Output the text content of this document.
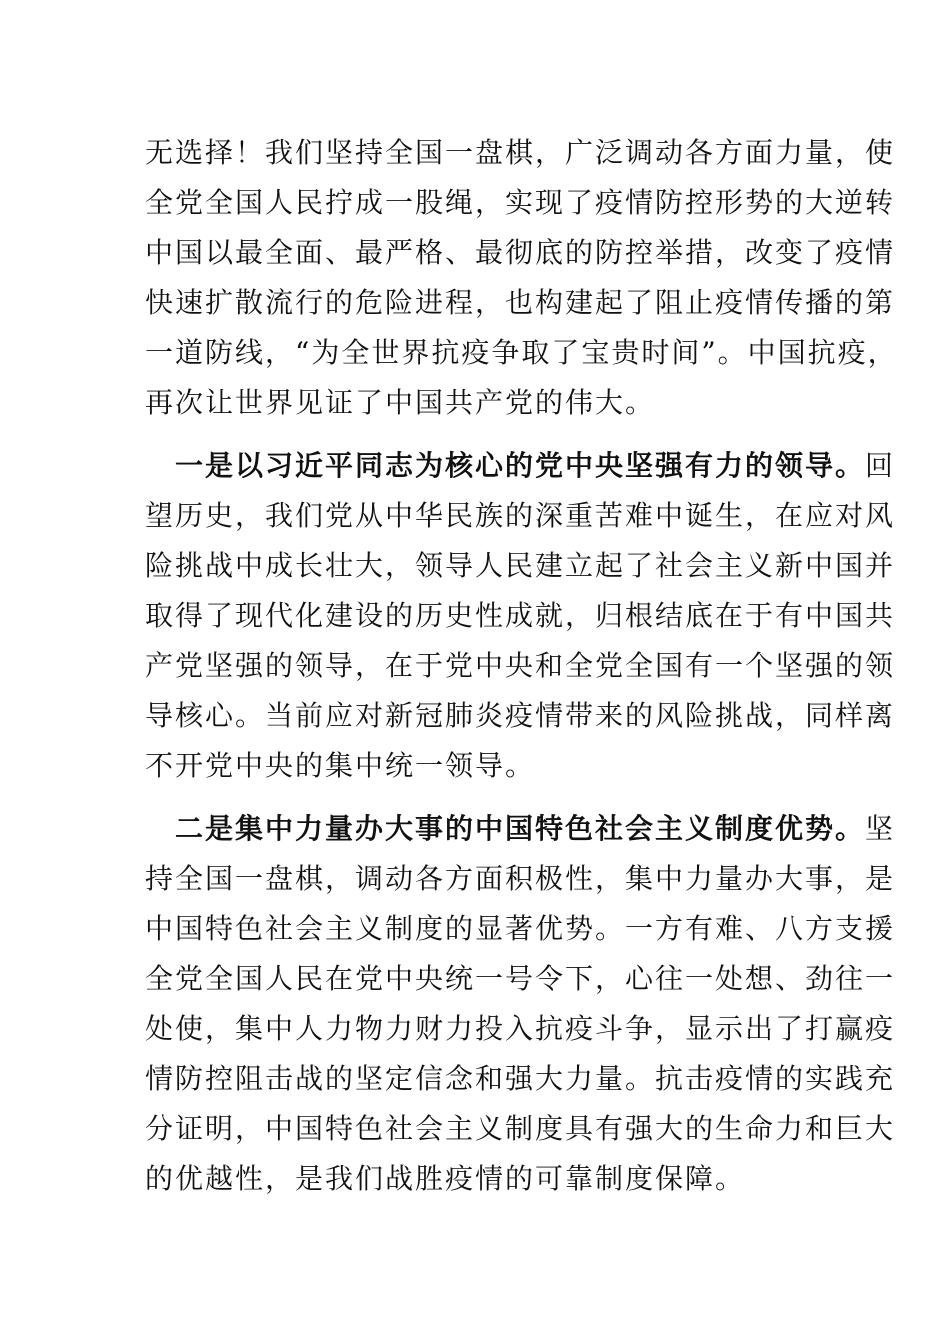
无选择！我们坚持全国一盘棋，广泛调动各方面力量，使
全党全国人民拧成一股绳，实现了疫情防控形势的大逆转
中国以最全面、最严格、最彻底的防控举措，改变了疫情
快速扩散流行的危险进程，也构建起了阻止疫情传播的第
一道防线，“为全世界抗疫争取了宝贵时间”。中国抗疫，
再次让世界见证了中国共产党的伟大。
一是以习近平同志为核心的党中央坚强有力的领导。回
望历史，我们党从中华民族的深重苦难中诞生，在应对风
险挑战中成长壮大，领导人民建立起了社会主义新中国并
取得了现代化建设的历史性成就，归根结底在于有中国共
产党坚强的领导，在于党中央和全党全国有一个坚强的领
导核心。当前应对新冠肺炎疫情带来的风险挑战，同样离
不开党中央的集中统一领导。
二是集中力量办大事的中国特色社会主义制度优势。坚
持全国一盘棋，调动各方面积极性，集中力量办大事，是
中国特色社会主义制度的显著优势。一方有难、八方支援
全党全国人民在党中央统一号令下，心往一处想、劲往一
处使，集中人力物力财力投入抗疫斗争，显示出了打赢疫
情防控阻击战的坚定信念和强大力量。抗击疫情的实践充
分证明，中国特色社会主义制度具有强大的生命力和巨大
的优越性，是我们战胜疫情的可靠制度保障。
